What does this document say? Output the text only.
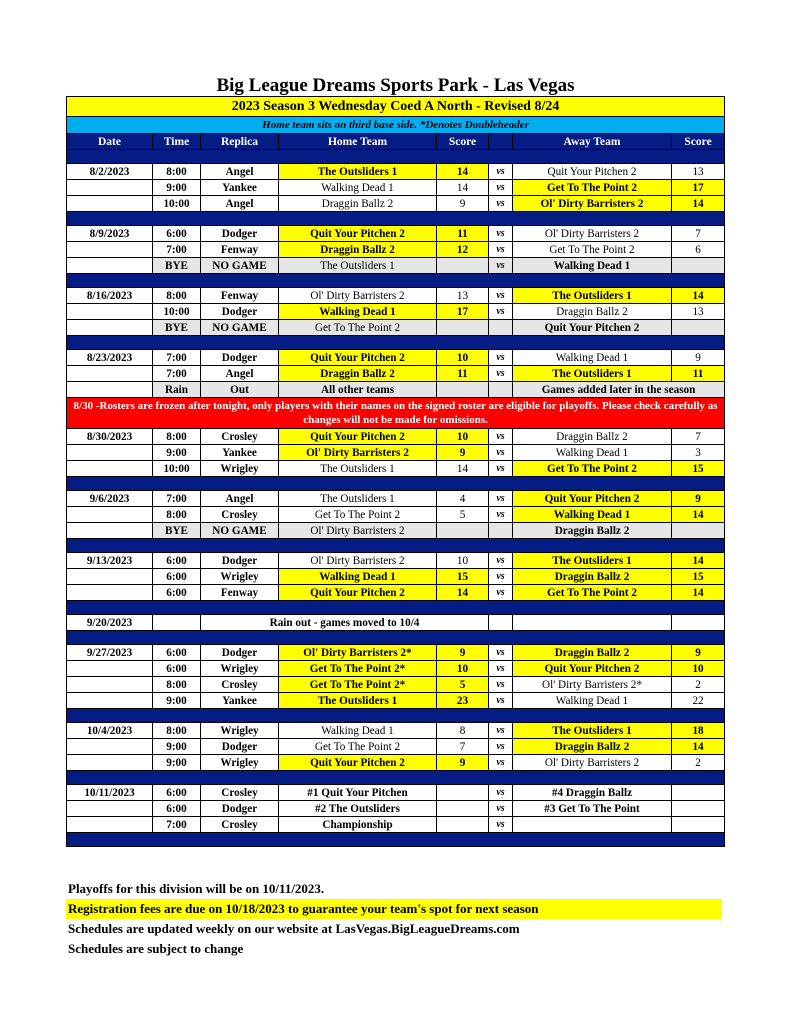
Big League Dreams Sports Park - Las Vegas
2023 Season 3 Wednesday Coed A North - Revised 8/24							
Home team sits on third base side. *Denotes Doubleheader							
Date	Time	Replica	Home Team	Score		Away Team	Score

8/2/2023	8:00	Angel	The Outsliders 1	14	vs	Quit Your Pitchen 2	13
	9:00	Yankee	Walking Dead 1	14	vs	Get To The Point 2	17
	10:00	Angel	Draggin Ballz 2	9	vs	Ol' Dirty Barristers 2	14

8/9/2023	6:00	Dodger	Quit Your Pitchen 2	11	vs	Ol' Dirty Barristers 2	7
	7:00	Fenway	Draggin Ballz 2	12	vs	Get To The Point 2	6
	BYE	NO GAME	The Outsliders 1		vs	Walking Dead 1	

8/16/2023	8:00	Fenway	Ol' Dirty Barristers 2	13	vs	The Outsliders 1	14
	10:00	Dodger	Walking Dead 1	17	vs	Draggin Ballz 2	13
	BYE	NO GAME	Get To The Point 2			Quit Your Pitchen 2	

8/23/2023	7:00	Dodger	Quit Your Pitchen 2	10	vs	Walking Dead 1	9
	7:00	Angel	Draggin Ballz 2	11	vs	The Outsliders 1	11
	Rain	Out	All other teams			Games added later in the season	
8/30 -Rosters are frozen after tonight, only players with their names on the signed roster are eligible for playoffs. Please check carefully as changes will not be made for omissions.							
8/30/2023	8:00	Crosley	Quit Your Pitchen 2	10	vs	Draggin Ballz 2	7
	9:00	Yankee	Ol' Dirty Barristers 2	9	vs	Walking Dead 1	3
	10:00	Wrigley	The Outsliders 1	14	vs	Get To The Point 2	15

9/6/2023	7:00	Angel	The Outsliders 1	4	vs	Quit Your Pitchen 2	9
	8:00	Crosley	Get To The Point 2	5	vs	Walking Dead 1	14
	BYE	NO GAME	Ol' Dirty Barristers 2			Draggin Ballz 2	

9/13/2023	6:00	Dodger	Ol' Dirty Barristers 2	10	vs	The Outsliders 1	14
	6:00	Wrigley	Walking Dead 1	15	vs	Draggin Ballz 2	15
	6:00	Fenway	Quit Your Pitchen 2	14	vs	Get To The Point 2	14

9/20/2023		Rain out - games moved to 10/4					

9/27/2023	6:00	Dodger	Ol' Dirty Barristers 2*	9	vs	Draggin Ballz 2	9
	6:00	Wrigley	Get To The Point 2*	10	vs	Quit Your Pitchen 2	10
	8:00	Crosley	Get To The Point 2*	5	vs	Ol' Dirty Barristers 2*	2
	9:00	Yankee	The Outsliders 1	23	vs	Walking Dead 1	22

10/4/2023	8:00	Wrigley	Walking Dead 1	8	vs	The Outsliders 1	18
	9:00	Dodger	Get To The Point 2	7	vs	Draggin Ballz 2	14
	9:00	Wrigley	Quit Your Pitchen 2	9	vs	Ol' Dirty Barristers 2	2

10/11/2023	6:00	Crosley	#1 Quit Your Pitchen		vs	#4 Draggin Ballz	
	6:00	Dodger	#2 The Outsliders		vs	#3 Get To The Point	
	7:00	Crosley	Championship		vs		

Playoffs for this division will be on 10/11/2023.
Registration fees are due on 10/18/2023 to guarantee your team's spot for next season
Schedules are updated weekly on our website at LasVegas.BigLeagueDreams.com
Schedules are subject to change
